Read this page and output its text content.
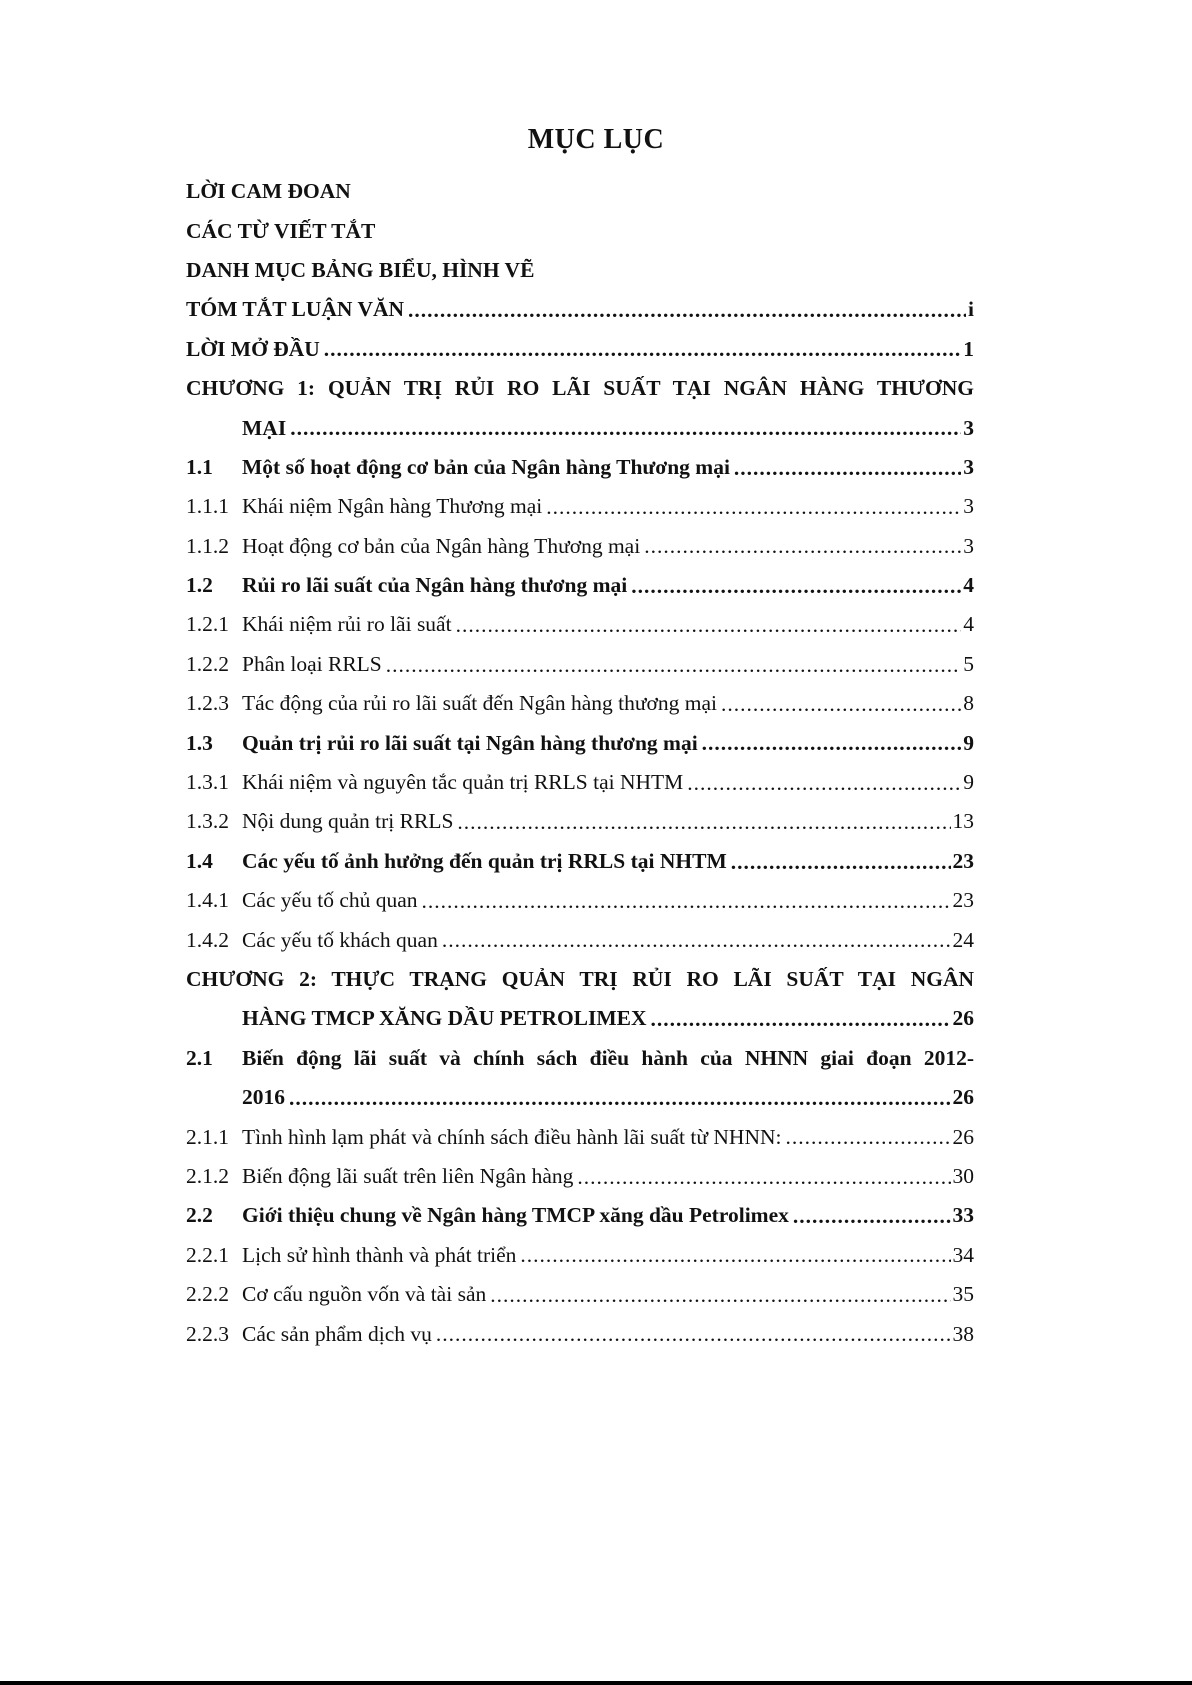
MỤC LỤC
LỜI CAM ĐOAN
CÁC TỪ VIẾT TẮT
DANH MỤC BẢNG BIỂU, HÌNH VẼ
TÓM TẮT LUẬN VĂN .....	i
LỜI MỞ ĐẦU .....	1
CHƯƠNG 1: QUẢN TRỊ RỦI RO LÃI SUẤT TẠI NGÂN HÀNG THƯƠNG
MẠI .....	3
1.1	Một số hoạt động cơ bản của Ngân hàng Thương mại .....	3
1.1.1 Khái niệm Ngân hàng Thương mại .....	3
1.1.2 Hoạt động cơ bản của Ngân hàng Thương mại .....	3
1.2	Rủi ro lãi suất của Ngân hàng thương mại .....	4
1.2.1 Khái niệm rủi ro lãi suất .....	4
1.2.2 Phân loại RRLS .....	5
1.2.3 Tác động của rủi ro lãi suất đến Ngân hàng thương mại .....	8
1.3	Quản trị rủi ro lãi suất tại Ngân hàng thương mại .....	9
1.3.1 Khái niệm và nguyên tắc quản trị RRLS tại NHTM .....	9
1.3.2 Nội dung quản trị RRLS .....	13
1.4	Các yếu tố ảnh hưởng đến quản trị RRLS tại NHTM .....	23
1.4.1 Các yếu tố chủ quan .....	23
1.4.2 Các yếu tố khách quan .....	24
CHƯƠNG 2: THỰC TRẠNG QUẢN TRỊ RỦI RO LÃI SUẤT TẠI NGÂN
HÀNG TMCP XĂNG DẦU PETROLIMEX .....	26
2.1	Biến động lãi suất và chính sách điều hành của NHNN giai đoạn 2012-
2016 .....	26
2.1.1 Tình hình lạm phát và chính sách điều hành lãi suất từ NHNN: .....	26
2.1.2 Biến động lãi suất trên liên Ngân hàng .....	30
2.2	Giới thiệu chung về Ngân hàng TMCP xăng dầu Petrolimex .....	33
2.2.1 Lịch sử hình thành và phát triển .....	34
2.2.2 Cơ cấu nguồn vốn và tài sản .....	35
2.2.3 Các sản phẩm dịch vụ .....	38
